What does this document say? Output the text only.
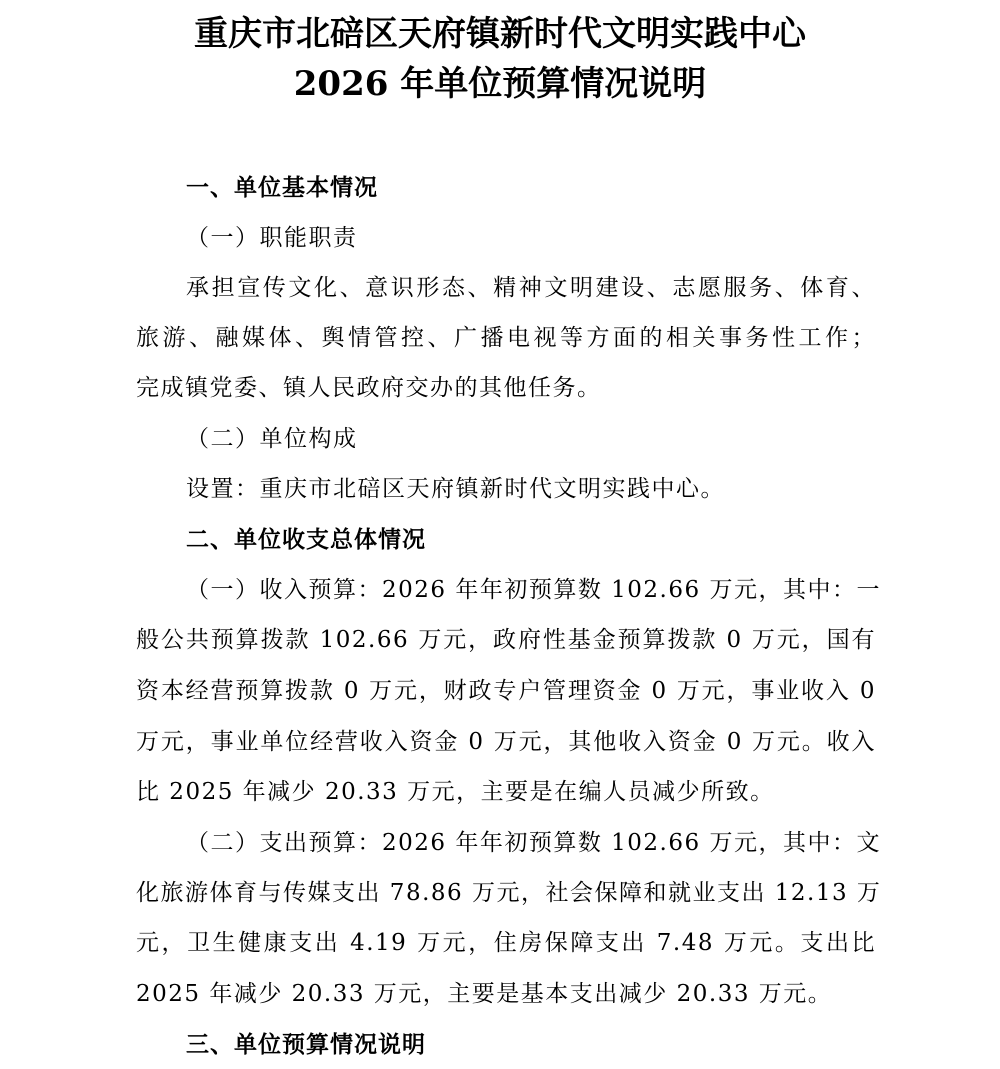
重庆市北碚区天府镇新时代文明实践中心
2026 年单位预算情况说明
一、单位基本情况
（一）职能职责
承担宣传文化、意识形态、精神文明建设、志愿服务、体育、
旅游、融媒体、舆情管控、广播电视等方面的相关事务性工作；
完成镇党委、镇人民政府交办的其他任务。
（二）单位构成
设置：重庆市北碚区天府镇新时代文明实践中心。
二、单位收支总体情况
（一）收入预算：2026 年年初预算数 102.66 万元，其中：一
般公共预算拨款 102.66 万元，政府性基金预算拨款 0 万元，国有
资本经营预算拨款 0 万元，财政专户管理资金 0 万元，事业收入 0
万元，事业单位经营收入资金 0 万元，其他收入资金 0 万元。收入
比 2025 年减少 20.33 万元，主要是在编人员减少所致。
（二）支出预算：2026 年年初预算数 102.66 万元，其中：文
化旅游体育与传媒支出 78.86 万元，社会保障和就业支出 12.13 万
元，卫生健康支出 4.19 万元，住房保障支出 7.48 万元。支出比
2025 年减少 20.33 万元，主要是基本支出减少 20.33 万元。
三、单位预算情况说明
